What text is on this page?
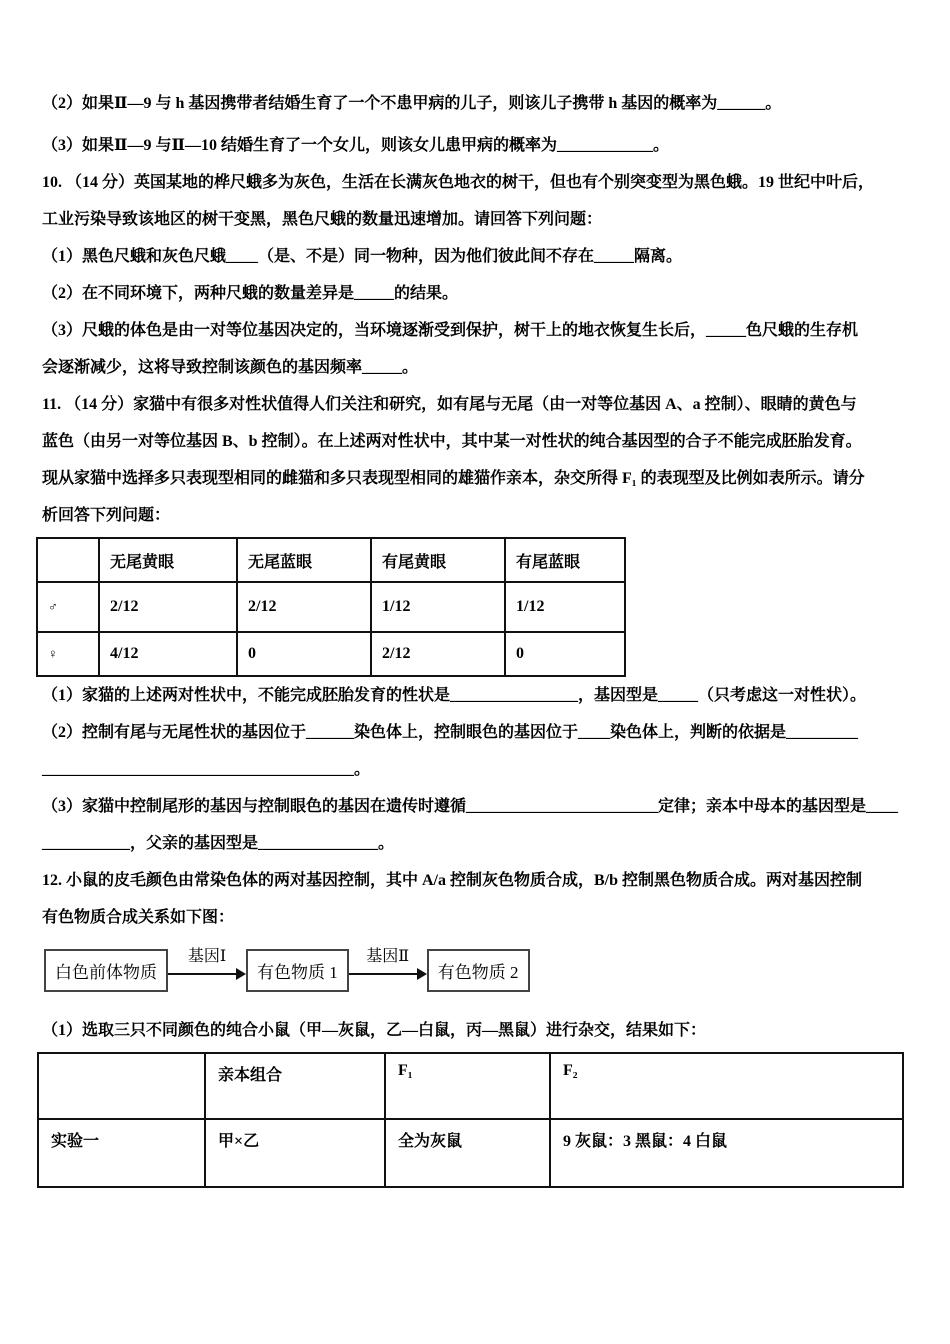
（2）如果Ⅱ—9 与 h 基因携带者结婚生育了一个不患甲病的儿子，则该儿子携带 h 基因的概率为______。
（3）如果Ⅱ—9 与Ⅱ—10 结婚生育了一个女儿，则该女儿患甲病的概率为____________。
10. （14 分）英国某地的桦尺蛾多为灰色，生活在长满灰色地衣的树干，但也有个别突变型为黑色蛾。19 世纪中叶后，
工业污染导致该地区的树干变黑，黑色尺蛾的数量迅速增加。请回答下列问题：
（1）黑色尺蛾和灰色尺蛾____（是、不是）同一物种，因为他们彼此间不存在_____隔离。
（2）在不同环境下，两种尺蛾的数量差异是_____的结果。
（3）尺蛾的体色是由一对等位基因决定的，当环境逐渐受到保护，树干上的地衣恢复生长后，_____色尺蛾的生存机
会逐渐减少，这将导致控制该颜色的基因频率_____。
11. （14 分）家猫中有很多对性状值得人们关注和研究，如有尾与无尾（由一对等位基因 A、a 控制）、眼睛的黄色与
蓝色（由另一对等位基因 B、b 控制）。在上述两对性状中，其中某一对性状的纯合基因型的合子不能完成胚胎发育。
现从家猫中选择多只表现型相同的雌猫和多只表现型相同的雄猫作亲本，杂交所得 F₁ 的表现型及比例如表所示。请分
析回答下列问题：
	无尾黄眼	无尾蓝眼	有尾黄眼	有尾蓝眼
♂	2/12	2/12	1/12	1/12
♀	4/12	0	2/12	0
（1）家猫的上述两对性状中，不能完成胚胎发育的性状是________________，基因型是_____（只考虑这一对性状）。
（2）控制有尾与无尾性状的基因位于______染色体上，控制眼色的基因位于____染色体上，判断的依据是_________
_______________________________________。
（3）家猫中控制尾形的基因与控制眼色的基因在遗传时遵循________________________定律；亲本中母本的基因型是____
___________，父亲的基因型是_______________。
12. 小鼠的皮毛颜色由常染色体的两对基因控制，其中 A/a 控制灰色物质合成，B/b 控制黑色物质合成。两对基因控制
有色物质合成关系如下图：
白色前体物质
基因Ⅰ
有色物质 1
基因Ⅱ
有色物质 2
（1）选取三只不同颜色的纯合小鼠（甲—灰鼠，乙—白鼠，丙—黑鼠）进行杂交，结果如下：
	亲本组合	F₁	F₂
实验一	甲×乙	全为灰鼠	9 灰鼠：3 黑鼠：4 白鼠
